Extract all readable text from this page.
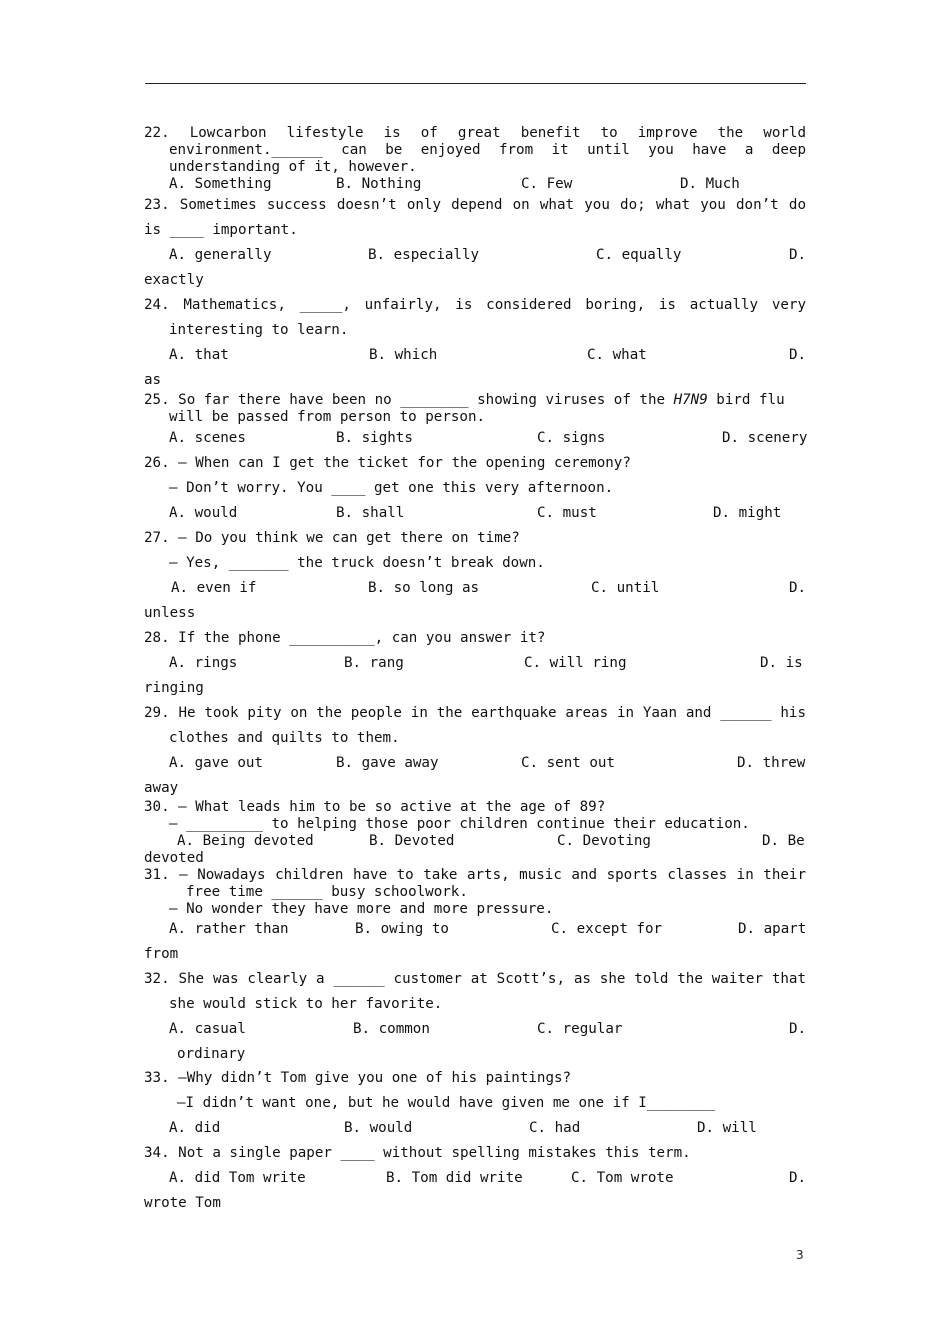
22. Lowcarbon lifestyle is of great benefit to improve the world
environment.______ can be enjoyed from it until you have a deep
understanding of it, however.
A. Something	B. Nothing	C. Few	D. Much
23. Sometimes success doesn’t only depend on what you do; what you don’t do
is ____ important.
A. generally	B. especially	C. equally	D.
exactly
24. Mathematics, _____, unfairly, is considered boring, is actually very
interesting to learn.
A. that	B. which	C. what	D.
as
25. So far there have been no ________ showing viruses of the H7N9 bird flu
will be passed from person to person.
A. scenes	B. sights	C. signs	D. scenery
26. — When can I get the ticket for the opening ceremony?
— Don’t worry. You ____ get one this very afternoon.
A. would	B. shall	C. must	D. might
27. — Do you think we can get there on time?
— Yes, _______ the truck doesn’t break down.
A. even if	B. so long as	C. until	D.
unless
28. If the phone __________, can you answer it?
A. rings	B. rang	C. will ring	D. is
ringing
29. He took pity on the people in the earthquake areas in Yaan and ______ his
clothes and quilts to them.
A. gave out	B. gave away	C. sent out	D. threw
away
30. — What leads him to be so active at the age of 89?
— _________ to helping those poor children continue their education.
A. Being devoted	B. Devoted	C. Devoting	D. Be
devoted
31. — Nowadays children have to take arts, music and sports classes in their
free time ______ busy schoolwork.
— No wonder they have more and more pressure.
A. rather than	B. owing to	C. except for	D. apart
from
32. She was clearly a ______ customer at Scott’s, as she told the waiter that
she would stick to her favorite.
A. casual	B. common	C. regular	D.
ordinary
33. —Why didn’t Tom give you one of his paintings?
—I didn’t want one, but he would have given me one if I________
A. did	B. would	C. had	D. will
34. Not a single paper ____ without spelling mistakes this term.
A. did Tom write	B. Tom did write	C. Tom wrote	D.
wrote Tom
3
